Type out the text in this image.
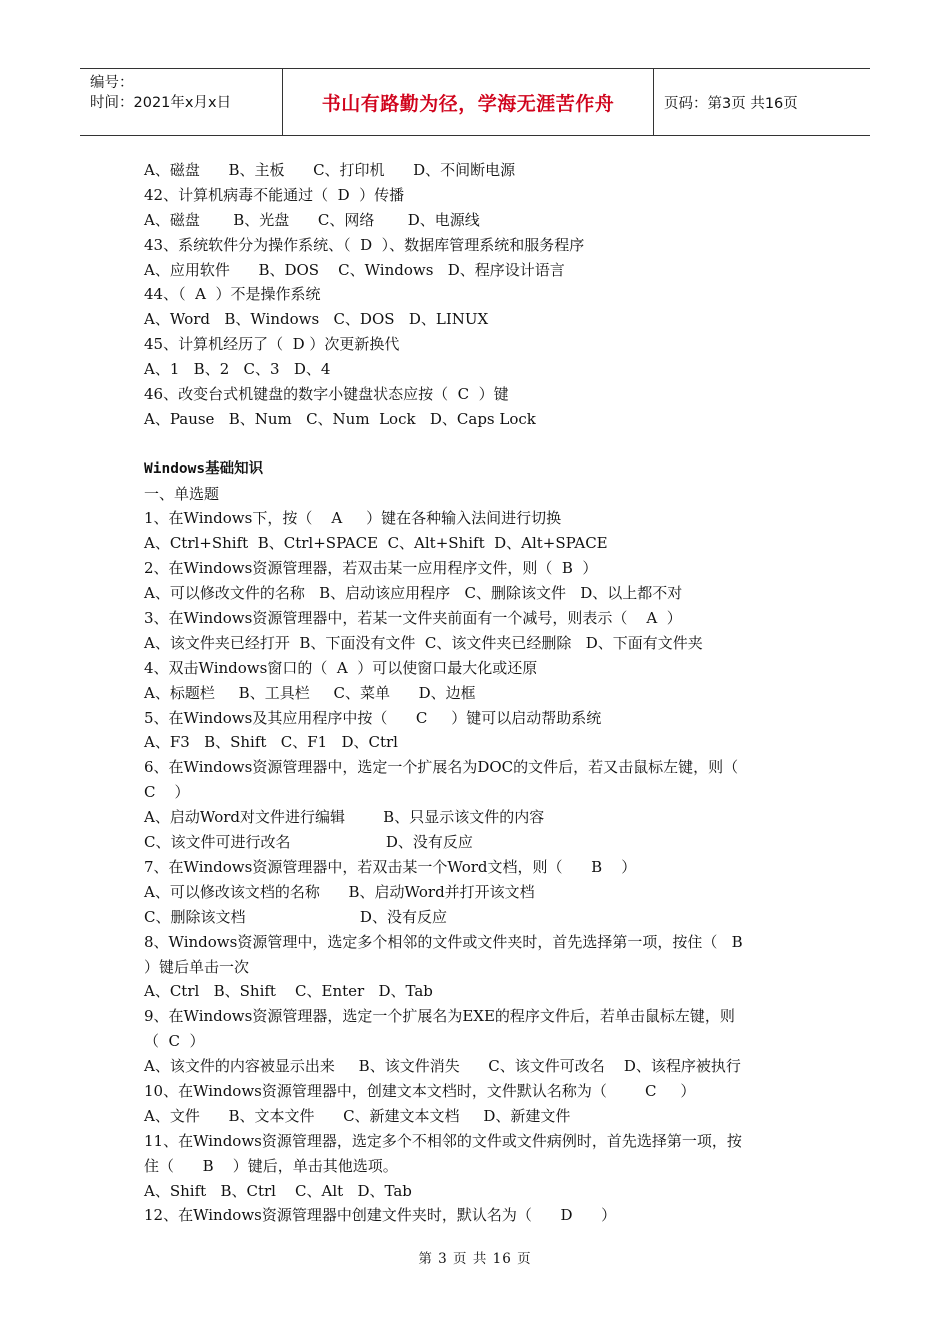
编号：
时间：2021年x月x日	书山有路勤为径，学海无涯苦作舟	页码：第3页 共16页
A、磁盘      B、主板      C、打印机      D、不间断电源
42、计算机病毒不能通过（  D  ）传播
A、磁盘       B、光盘      C、网络       D、电源线
43、系统软件分为操作系统、（  D  ）、数据库管理系统和服务程序
A、应用软件      B、DOS    C、Windows   D、程序设计语言
44、（  A  ）不是操作系统
A、Word   B、Windows   C、DOS   D、LINUX
45、计算机经历了（  D ）次更新换代
A、1   B、2   C、3   D、4
46、改变台式机键盘的数字小键盘状态应按（  C  ）键
A、Pause   B、Num   C、Num  Lock   D、Caps Lock
Windows基础知识
一、单选题
1、在Windows下，按（    A     ）键在各种输入法间进行切换
A、Ctrl+Shift  B、Ctrl+SPACE  C、Alt+Shift  D、Alt+SPACE
2、在Windows资源管理器，若双击某一应用程序文件，则（  B  ）
A、可以修改文件的名称   B、启动该应用程序   C、删除该文件   D、以上都不对
3、在Windows资源管理器中，若某一文件夹前面有一个减号，则表示（    A  ）
A、该文件夹已经打开  B、下面没有文件  C、该文件夹已经删除   D、下面有文件夹
4、双击Windows窗口的（  A  ）可以使窗口最大化或还原
A、标题栏     B、工具栏     C、菜单      D、边框
5、在Windows及其应用程序中按（      C     ）键可以启动帮助系统
A、F3   B、Shift   C、F1   D、Ctrl
6、在Windows资源管理器中，选定一个扩展名为DOC的文件后，若又击鼠标左键，则（
C    ）
A、启动Word对文件进行编辑        B、只显示该文件的内容
C、该文件可进行改名                    D、没有反应
7、在Windows资源管理器中，若双击某一个Word文档，则（      B    ）
A、可以修改该文档的名称      B、启动Word并打开该文档
C、删除该文档                        D、没有反应
8、Windows资源管理中，选定多个相邻的文件或文件夹时，首先选择第一项，按住（   B
）键后单击一次
A、Ctrl   B、Shift    C、Enter   D、Tab
9、在Windows资源管理器，选定一个扩展名为EXE的程序文件后，若单击鼠标左键，则
（  C  ）
A、该文件的内容被显示出来     B、该文件消失      C、该文件可改名    D、该程序被执行
10、在Windows资源管理器中，创建文本文档时，文件默认名称为（        C     ）
A、文件      B、文本文件      C、新建文本文档     D、新建文件
11、在Windows资源管理器，选定多个不相邻的文件或文件病例时，首先选择第一项，按
住（      B    ）键后，单击其他选项。
A、Shift   B、Ctrl    C、Alt   D、Tab
12、在Windows资源管理器中创建文件夹时，默认名为（      D      ）
第 3 页 共 16 页
